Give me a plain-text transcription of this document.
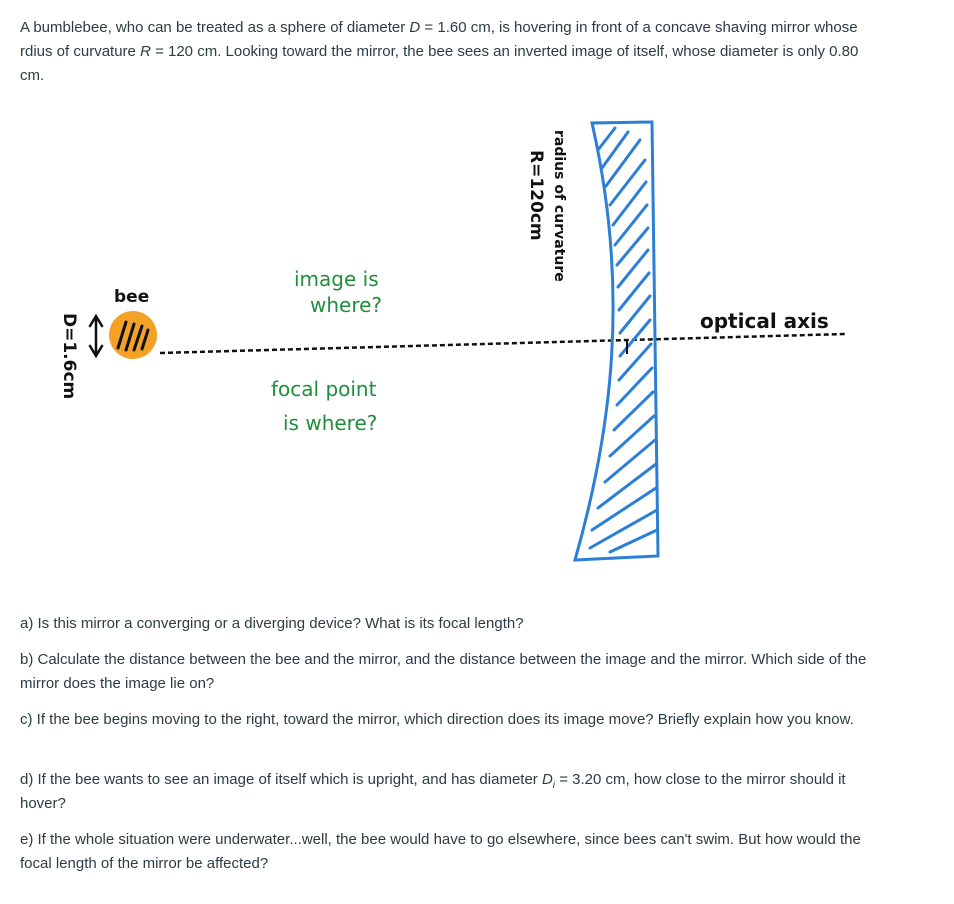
A bumblebee, who can be treated as a sphere of diameter D = 1.60 cm, is hovering in front of a concave shaving mirror whose rdius of curvature R = 120 cm. Looking toward the mirror, the bee sees an inverted image of itself, whose diameter is only 0.80 cm.

bee
D=1.6cm
image is
where?
focal point
is where?
radius of curvature
R=120cm
optical axis

a) Is this mirror a converging or a diverging device? What is its focal length?

b) Calculate the distance between the bee and the mirror, and the distance between the image and the mirror. Which side of the mirror does the image lie on?

c) If the bee begins moving to the right, toward the mirror, which direction does its image move? Briefly explain how you know.

d) If the bee wants to see an image of itself which is upright, and has diameter $D_i = 3.20$ cm, how close to the mirror should it hover?

e) If the whole situation were underwater...well, the bee would have to go elsewhere, since bees can't swim. But how would the focal length of the mirror be affected?
